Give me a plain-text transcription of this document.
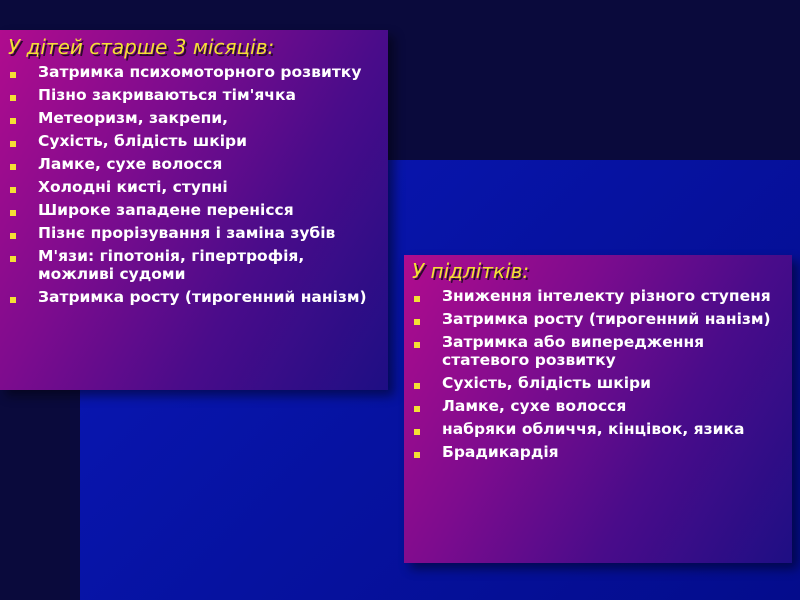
У дітей старше 3 місяців:
Затримка психомоторного розвитку
Пізно закриваються тім'ячка
Метеоризм, закрепи,
Сухість, блідість шкіри
Ламке, сухе волосся
Холодні кисті, ступні
Широке западене перенісся
Пізнє прорізування і заміна зубів
М'язи: гіпотонія, гіпертрофія, можливі судоми
Затримка росту (тирогенний нанізм)
У підлітків:
Зниження інтелекту різного ступеня
Затримка росту (тирогенний нанізм)
Затримка або випередження статевого розвитку
Сухість, блідість шкіри
Ламке, сухе волосся
набряки обличчя, кінцівок, язика
Брадикардія
